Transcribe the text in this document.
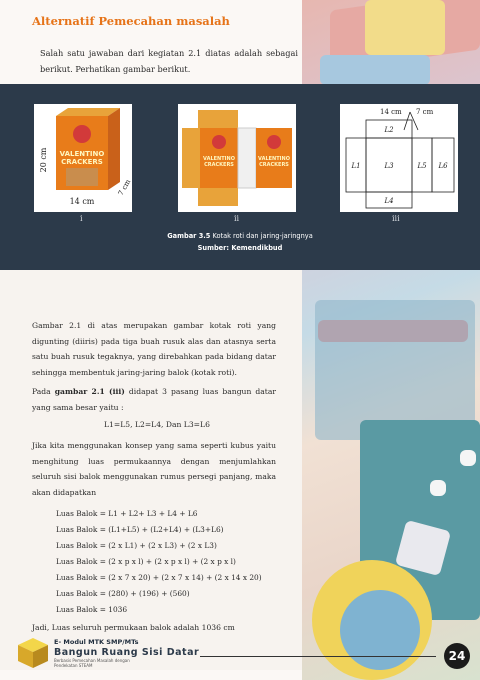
Alternatif Pemecahan masalah
Salah satu jawaban dari kegiatan 2.1 diatas adalah sebagai berikut. Perhatikan gambar berikut.
VALENTINO
CRACKERS
20 cm
14 cm
7 cm
VALENTINO
CRACKERS
VALENTINO
CRACKERS
14 cm 7 cm
L2
L1	L3	L5 L6
L4
i	ii	iii
Gambar 3.5 Kotak roti dan jaring-jaringnya
Sumber: Kemendikbud
Gambar 2.1 di atas merupakan gambar kotak roti yang digunting (diiris) pada tiga buah rusuk alas dan atasnya serta satu buah rusuk tegaknya, yang direbahkan pada bidang datar sehingga membentuk jaring-jaring balok (kotak roti).
Pada gambar 2.1 (iii) didapat 3 pasang luas bangun datar yang sama besar yaitu :
L1=L5, L2=L4, Dan L3=L6
Jika kita menggunakan konsep yang sama seperti kubus yaitu menghitung luas permukaannya dengan menjumlahkan seluruh sisi balok menggunakan rumus persegi panjang, maka akan didapatkan
Luas Balok = L1 + L2+ L3 + L4 + L6
Luas Balok = (L1+L5) + (L2+L4) + (L3+L6)
Luas Balok = (2 x L1) + (2 x L3) + (2 x L3)
Luas Balok = (2 x p x l) + (2 x p x l) + (2 x p x l)
Luas Balok = (2 x 7 x 20) + (2 x 7 x 14) + (2 x 14 x 20)
Luas Balok = (280) + (196) + (560)
Luas Balok = 1036
Jadi, Luas seluruh permukaan balok adalah 1036 cm
E- Modul MTK SMP/MTs
Bangun Ruang Sisi Datar
Berbasis Pemecahan Masalah dengan Pendekatan STEAM
24
